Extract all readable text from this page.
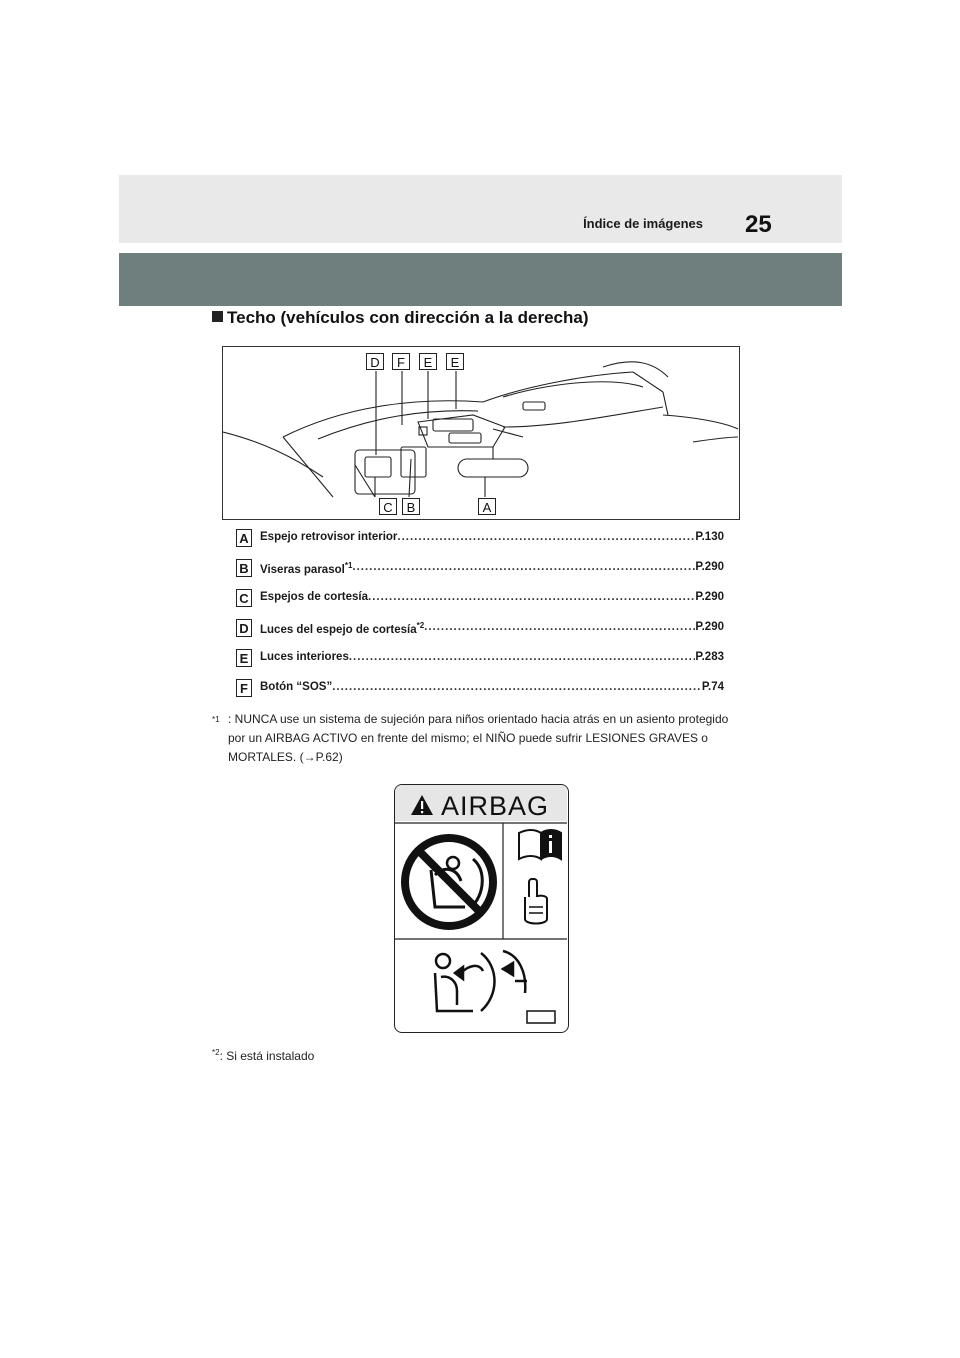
Índice de imágenes 25
Techo (vehículos con dirección a la derecha)
D	F	E	E
C	B	A
A Espejo retrovisor interior .....	P.130
B Viseras parasol$^{*1}$ .....	P.290
C Espejos de cortesía .....	P.290
D Luces del espejo de cortesía$^{*2}$ .....	P.290
E	Luces interiores .....	P.283
F	Botón “SOS” .....	P.74
*1 : NUNCA use un sistema de sujeción para niños orientado hacia atrás en un asiento protegido por un AIRBAG ACTIVO en frente del mismo; el NIÑO puede sufrir LESIONES GRAVES o MORTALES. (→P.62)
AIRBAG
$^{*2}$: Si está instalado
